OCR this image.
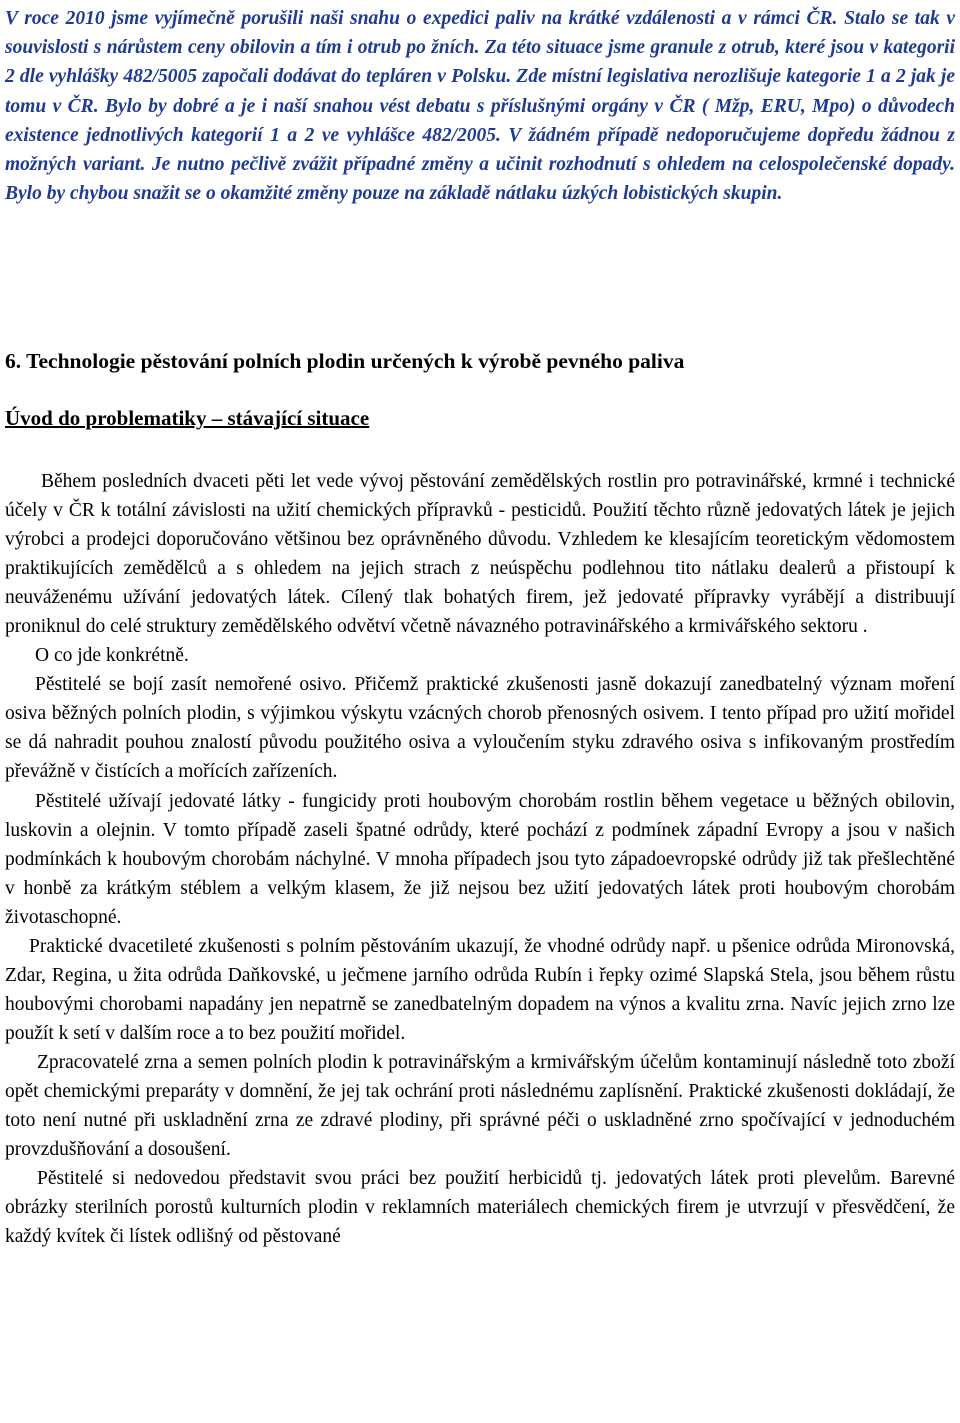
V roce 2010 jsme vyjímečně porušili naši snahu o expedici paliv na krátké vzdálenosti a v rámci ČR. Stalo se tak v souvislosti s nárůstem ceny obilovin a tím i otrub po žních. Za této situace jsme granule z otrub, které jsou v kategorii 2 dle vyhlášky 482/5005 započali dodávat do tepláren v Polsku. Zde místní legislativa nerozlišuje kategorie 1 a 2 jak je tomu v ČR. Bylo by dobré a je i naší snahou vést debatu s příslušnými orgány v ČR ( Mžp, ERU, Mpo) o důvodech existence jednotlivých kategorií 1 a 2 ve vyhlášce 482/2005. V žádném případě nedoporučujeme dopředu žádnou z možných variant. Je nutno pečlivě zvážit případné změny a učinit rozhodnutí s ohledem na celospolečenské dopady. Bylo by chybou snažit se o okamžité změny pouze na základě nátlaku úzkých lobistických skupin.

6. Technologie pěstování polních plodin určených k výrobě pevného paliva
Úvod do problematiky – stávající situace

Během posledních dvaceti pěti let vede vývoj pěstování zemědělských rostlin pro potravinářské, krmné i technické účely v ČR k totální závislosti na užití chemických přípravků - pesticidů. Použití těchto různě jedovatých látek je jejich výrobci a prodejci doporučováno většinou bez oprávněného důvodu. Vzhledem ke klesajícím teoretickým vědomostem praktikujících zemědělců a s ohledem na jejich strach z neúspěchu podlehnou tito nátlaku dealerů a přistoupí k neuváženému užívání jedovatých látek. Cílený tlak bohatých firem, jež jedovaté přípravky vyrábějí a distribuují proniknul do celé struktury zemědělského odvětví včetně návazného potravinářského a krmivářského sektoru .

O co jde konkrétně.

Pěstitelé se bojí zasít nemořené osivo. Přičemž praktické zkušenosti jasně dokazují zanedbatelný význam moření osiva běžných polních plodin, s výjimkou výskytu vzácných chorob přenosných osivem. I tento případ pro užití mořidel se dá nahradit pouhou znalostí původu použitého osiva a vyloučením styku zdravého osiva s infikovaným prostředím převážně v čistících a mořících zařízeních.

Pěstitelé užívají jedovaté látky - fungicidy proti houbovým chorobám rostlin během vegetace u běžných obilovin, luskovin a olejnin. V tomto případě zaseli špatné odrůdy, které pochází z podmínek západní Evropy a jsou v našich podmínkách k houbovým chorobám náchylné. V mnoha případech jsou tyto západoevropské odrůdy již tak přešlechtěné v honbě za krátkým stéblem a velkým klasem, že již nejsou bez užití jedovatých látek proti houbovým chorobám životaschopné.

Praktické dvacetileté zkušenosti s polním pěstováním ukazují, že vhodné odrůdy např. u pšenice odrůda Mironovská, Zdar, Regina, u žita odrůda Daňkovské, u ječmene jarního odrůda Rubín i řepky ozimé Slapská Stela, jsou během růstu houbovými chorobami napadány jen nepatrně se zanedbatelným dopadem na výnos a kvalitu zrna. Navíc jejich zrno lze použít k setí v dalším roce a to bez použití mořidel.

Zpracovatelé zrna a semen polních plodin k potravinářským a krmivářským účelům kontaminují následně toto zboží opět chemickými preparáty v domnění, že jej tak ochrání proti následnému zaplísnění. Praktické zkušenosti dokládají, že toto není nutné při uskladnění zrna ze zdravé plodiny, při správné péči o uskladněné zrno spočívající v jednoduchém provzdušňování a dosoušení.

Pěstitelé si nedovedou představit svou práci bez použití herbicidů tj. jedovatých látek proti plevelům. Barevné obrázky sterilních porostů kulturních plodin v reklamních materiálech chemických firem je utvrzují v přesvědčení, že každý kvítek či lístek odlišný od pěstované
